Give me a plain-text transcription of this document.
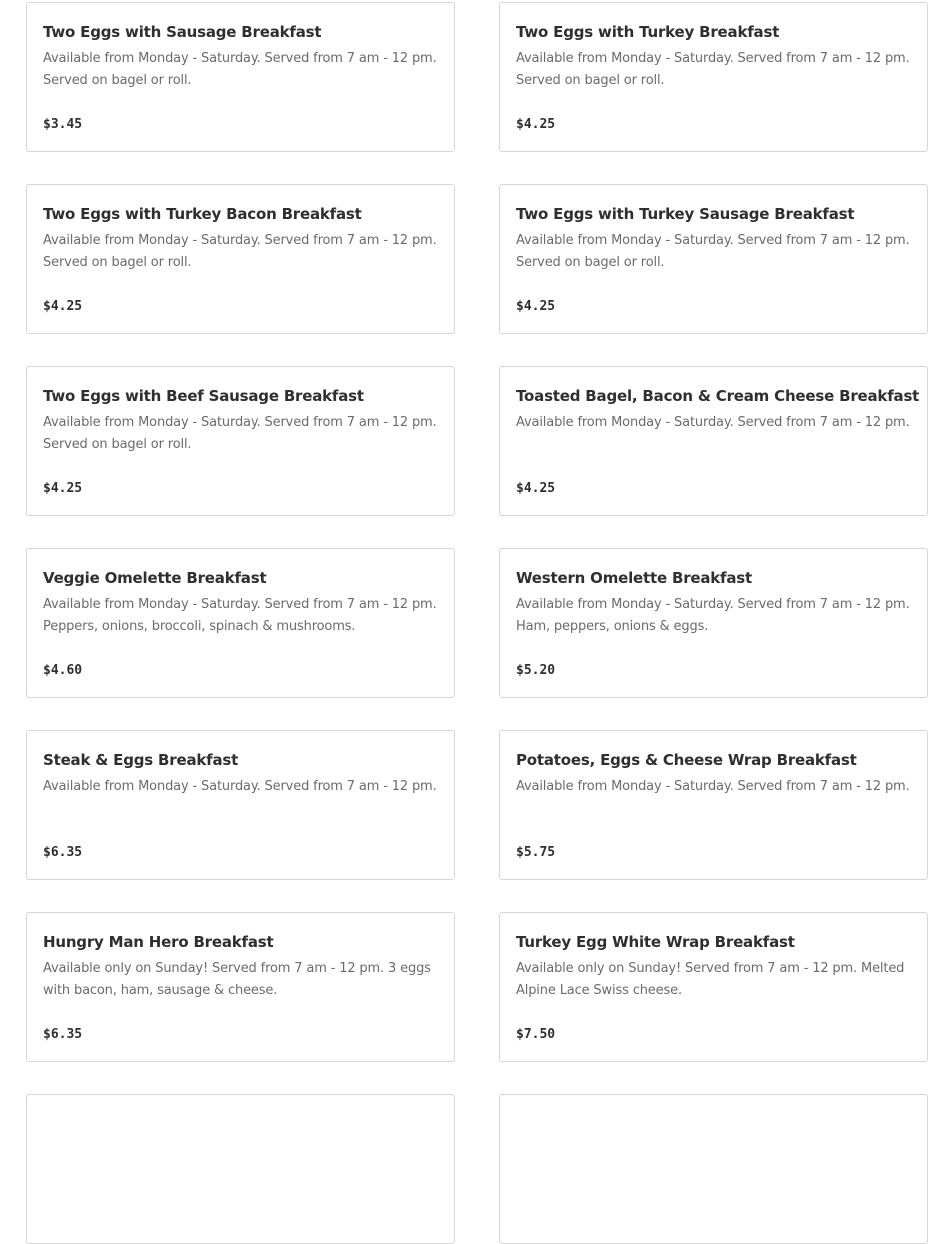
Two Eggs with Sausage Breakfast
Available from Monday - Saturday. Served from 7 am - 12 pm. Served on bagel or roll.
$3.45
Two Eggs with Turkey Breakfast
Available from Monday - Saturday. Served from 7 am - 12 pm. Served on bagel or roll.
$4.25
Two Eggs with Turkey Bacon Breakfast
Available from Monday - Saturday. Served from 7 am - 12 pm. Served on bagel or roll.
$4.25
Two Eggs with Turkey Sausage Breakfast
Available from Monday - Saturday. Served from 7 am - 12 pm. Served on bagel or roll.
$4.25
Two Eggs with Beef Sausage Breakfast
Available from Monday - Saturday. Served from 7 am - 12 pm. Served on bagel or roll.
$4.25
Toasted Bagel, Bacon & Cream Cheese Breakfast
Available from Monday - Saturday. Served from 7 am - 12 pm.
$4.25
Veggie Omelette Breakfast
Available from Monday - Saturday. Served from 7 am - 12 pm. Peppers, onions, broccoli, spinach & mushrooms.
$4.60
Western Omelette Breakfast
Available from Monday - Saturday. Served from 7 am - 12 pm. Ham, peppers, onions & eggs.
$5.20
Steak & Eggs Breakfast
Available from Monday - Saturday. Served from 7 am - 12 pm.
$6.35
Potatoes, Eggs & Cheese Wrap Breakfast
Available from Monday - Saturday. Served from 7 am - 12 pm.
$5.75
Hungry Man Hero Breakfast
Available only on Sunday! Served from 7 am - 12 pm. 3 eggs with bacon, ham, sausage & cheese.
$6.35
Turkey Egg White Wrap Breakfast
Available only on Sunday! Served from 7 am - 12 pm. Melted Alpine Lace Swiss cheese.
$7.50
